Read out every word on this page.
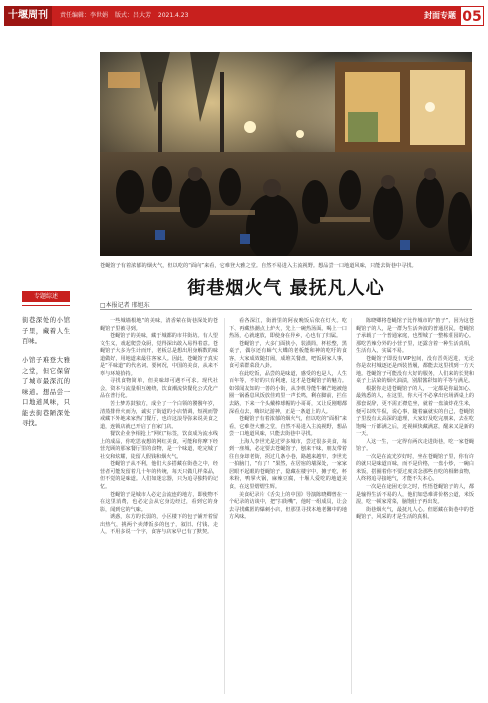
十堰周刊	责任编辑：李世娟 版式：吕大芳 2021.4.23	封面专题 05
苍蝇馆子有着浓郁的烟火气，但以吃的“面向”来看，它难登大雅之堂。自然不易进入主流视野。想品尝一口地道风味，只能去街巷中寻找。
街巷烟火气 最抚凡人心
□本报记者 邢旭东
专题综述
街巷深处的小馆子里，藏着人生百味。
小馆子难登大雅之堂，但它保留了城市最深沉的味道。想品尝一口地道风味，只能去街巷陋深处寻找。

一些城墙根地“的美味，清香萦在街巷深处的苍蝇馆子里被寻到。

苍蝇馆子的美味，藏于城都的市井街坊。有人望文生义，戏起爬尝众厨，觉得深出敢入易得着意。苍蝇馆子大多为生计而开，老板总是想出用身解数的味道做好，用地道来最往客家人。因此，苍蝇馆子真实是“平味道”的代名词。要何况，中国的美食，从来不辜与环境拾持。

寻找食物简单，但美味却可遇不可求。现代社会，资本与流量相互缠绕，饮食潮流快餐化公式化产品在普行化。

苦士梦苏鼓独方，成全了一个白领的饕餮年岁，清蒸排骨火而为，诚实了街道的小店情调，短视而警戒藏下外地来家热门餐厅，也许这浪导弥来说美食之道，连锁店就已开启了自家门店。

餐饮企业争相抢上“网红”标签，饮食成为流水线上的成品，你吃思夜想的网红美食，可能和你摩下经营光顾的那家餐厅里的食物，是一个味道，吃完城了社交和炫耀，徒留人假钱和烟火气。

苍蝇馆子从不利，他们大多搭藏在街巷之中，经营者可能发留着几十年的传统，每天只做几样菜品，但不觉的是味道。人们如迷忘器，只为追寻独特的记忆。

苍蝇馆子是城市人必定会流连的地方，即使物不在这里消费，也必定会从它身边经过，看到它的身影，闻到它的气味。

诱惑，东方的长弱的，小区楼下的包子铺开着留出热气，挑两个卖薄饭多的包子，叙旧、付钱、走人，不用多说一个字，食客与店家早已有了默契。

看各深江，街滑里的阿夜晚饭后依在灯火。吃下、再藏热潮点上炉火，先上一碗热汤面。喝上一口热汤，心就速放，即使身在异乡，心也有了归属。

苍蝇馆子，大多门面狭小，装潢简，杯松整，黑桌子，偶尔还有蟑气大蝶的老板能和神的吃吁的食客，大家成效随打闹，成堆关餐盘，吧饭厨家人事，食可菜群菜段八卦。

在此吃饭，品尝的是味道，感受的也是人，人生百年等，不好的只有利速，这才是苍蝇馆子的魅力。如邻闻友知的一善的小街，从李机导能牛嫩芒地被他圈一锅番息风饭放佳鸡里一声长鸣，剩在脚前，拦住去路，下来一个头戴棒球帽的小哥哥，又让反刚嗯都深看点去，嗨识记游神，正是一条道上的人。

苍蝇馆子有着浓郁的烟火气，但以吃的“面相”来看，它难登大雅之堂，自然不易进入主流视野，想品尝一口地道风味，只能去街巷中寻找。

上海人李世光是过罗多城市，尝过很多美食，每到一座城，必定要去苍蝇馆子，刨来干味，朋友带着往自身却老街，拐过几条小巷，路越来越窄，李世光一拍脑门，“有了！”果然，在居宿的墙深处，一家家居眼不起眼的苍蝇馆子，隐藏在楼宇中，摊子吃，杯米粉，鸭掌火锅，麻辣豆腐，十堰人爱吃的地道美食，在这里熠熠生辉。

美食纪录片《舌尖上的中国》导演陈晓卿曾在一个纪录的访谈中，把“扫街嘴”，他时一组成员，让会去寻找藏匿的爆刺小店，但那里寻找本地老馨中的地方风味。

陈晓卿将苍蝇馆子比作城市的“笛子”，因为这苍蝇馆子的人，是一群为生活奔波的普通居民。苍蝇馆子承载了一个普通家庭，也塑城了一整栋莊园的心。那吃苦辣分外的小营子里，还露含着一种生活真相，生活有入，实属不易。

苍蝇馆子即没有VIP包间，没有晋英迟进，无论你是农村城逐还是西装皆履，都能去这里找到一方天地。苍蝇馆子可能没有大好的服务，人们来的长凳和桌子上沾染的烟火油渍，别甜酱彩知的平等与满足。

根据你走进苍蝇馆子的人，一定都是你最知心、最熟悉的人，在这里，你大可不必拿出官场酒桌上的那套说辞，更不需正襟危坐，就着一盘油炸花生米，便可以吹牛侃，说心事，随着赢就实的自己，苍蝇馆子里没有太高深的道理，大家好及吃完朋来，去在吃饱喝一斤都满之后，近视顿快藏满意，醒来又是新的一天。

人这一生，一定得有两次走进街巷，吃一家苍蝇馆子。

一次是在流光岁好时，坐在苍蝇馆子里，你有许的就只是味道百味，而不是价格，一盘小炒，一碗白米饭，搭圈着你不要过度贪念那些自吃的相醉食物，人终将追寻接地气，才能不失本心。

一次是在途困无奈之时，性悟苍蝇馆子的人，都是输得生活不易的人，他们如恐难讲价格公道，米饭混，吃一顿家常菜，脑饱肚子再出发。

街巷烟火气，最抚凡人心。但愿藏在街巷中的苍蝇馆子，风采的才是生活的真相。
